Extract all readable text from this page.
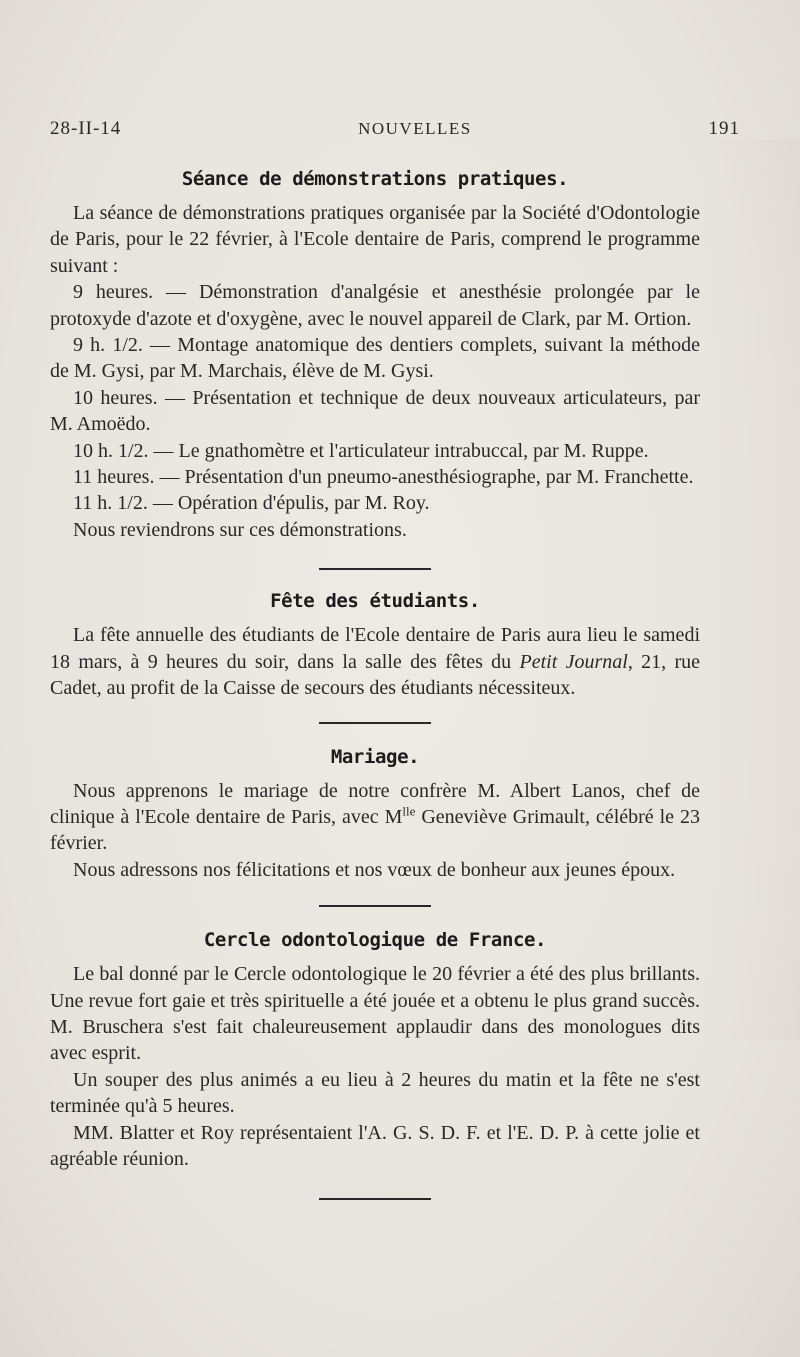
28-II-14	NOUVELLES	191
Séance de démonstrations pratiques.

La séance de démonstrations pratiques organisée par la Société d'Odontologie de Paris, pour le 22 février, à l'Ecole dentaire de Paris, comprend le programme suivant :

9 heures. — Démonstration d'analgésie et anesthésie prolongée par le protoxyde d'azote et d'oxygène, avec le nouvel appareil de Clark, par M. Ortion.

9 h. 1/2. — Montage anatomique des dentiers complets, suivant la méthode de M. Gysi, par M. Marchais, élève de M. Gysi.

10 heures. — Présentation et technique de deux nouveaux articulateurs, par M. Amoëdo.

10 h. 1/2. — Le gnathomètre et l'articulateur intrabuccal, par M. Ruppe.

11 heures. — Présentation d'un pneumo-anesthésiographe, par M. Franchette.

11 h. 1/2. — Opération d'épulis, par M. Roy.

Nous reviendrons sur ces démonstrations.

Fête des étudiants.

La fête annuelle des étudiants de l'Ecole dentaire de Paris aura lieu le samedi 18 mars, à 9 heures du soir, dans la salle des fêtes du Petit Journal, 21, rue Cadet, au profit de la Caisse de secours des étudiants nécessiteux.

Mariage.

Nous apprenons le mariage de notre confrère M. Albert Lanos, chef de clinique à l'Ecole dentaire de Paris, avec $M^{lle}$ Geneviève Grimault, célébré le 23 février.

Nous adressons nos félicitations et nos vœux de bonheur aux jeunes époux.

Cercle odontologique de France.

Le bal donné par le Cercle odontologique le 20 février a été des plus brillants. Une revue fort gaie et très spirituelle a été jouée et a obtenu le plus grand succès. M. Bruschera s'est fait chaleureusement applaudir dans des monologues dits avec esprit.

Un souper des plus animés a eu lieu à 2 heures du matin et la fête ne s'est terminée qu'à 5 heures.

MM. Blatter et Roy représentaient l'A. G. S. D. F. et l'E. D. P. à cette jolie et agréable réunion.
